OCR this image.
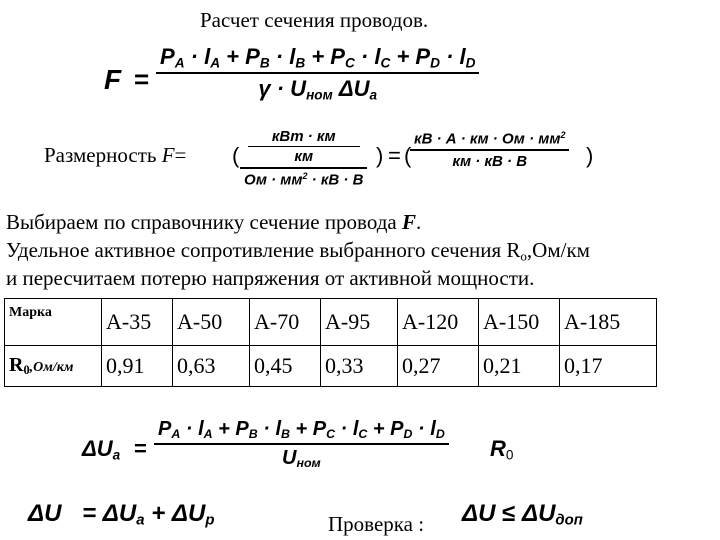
Расчет сечения проводов.
F =
$P_A \cdot l_A + P_B \cdot l_B + P_C \cdot l_C + P_D \cdot l_D$
$\gamma \cdot U_{ном}$ $\Delta U_a$
Размерность F= (
кВт · км
км
Ом · $мм^2$ · кВ · В
) = (
кВ · А · км · Ом · $мм^2$
км · кВ · В	)
Выбираем по справочнику сечение провода F.
Удельное активное сопротивление выбранного сечения $R_o,Ом/км$
и пересчитаем потерю напряжения от активной мощности.
Марка	А-35	А-50	А-70	А-95	А-120	А-150	А-185
$R_0,Ом/км$	0,91	0,63	0,45	0,33	0,27	0,21	0,17
$\Delta U_a$ =
$P_A \cdot l_A + P_B \cdot l_B + P_C \cdot l_C + P_D \cdot l_D$
$U_{ном}$
$R_0$
$\Delta U = \Delta U_a + \Delta U_p$	Проверка : $\Delta U \le \Delta U_{доп}$
